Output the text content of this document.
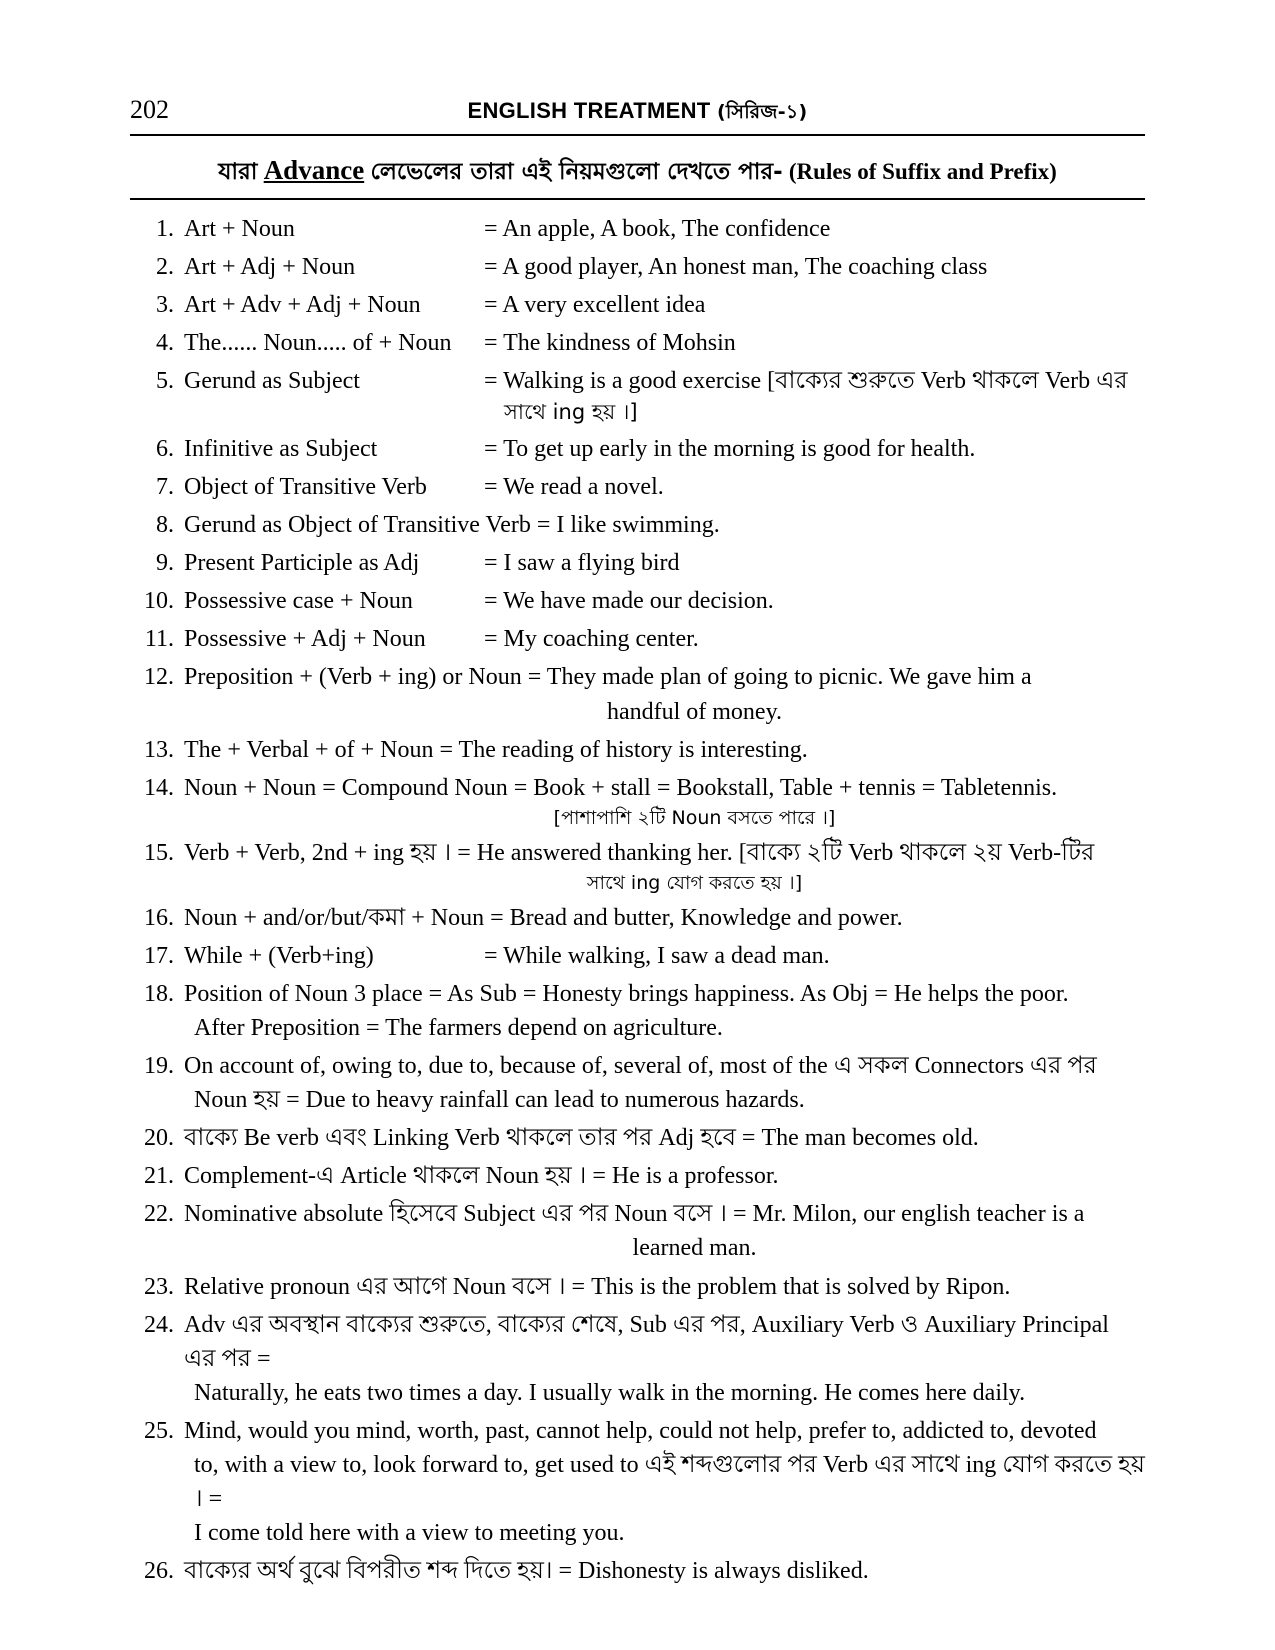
202	ENGLISH TREATMENT (সিরিজ-১)
যারা Advance লেভেলের তারা এই নিয়মগুলো দেখতে পার- (Rules of Suffix and Prefix)
1. Art + Noun	= An apple, A book, The confidence
2. Art + Adj + Noun	= A good player, An honest man, The coaching class
3. Art + Adv + Adj + Noun	= A very excellent idea
4. The...... Noun..... of + Noun = The kindness of Mohsin
5. Gerund as Subject	= Walking is a good exercise [বাক্যের শুরুতে Verb থাকলে Verb এর
সাথে ing হয় ।]
6. Infinitive as Subject	= To get up early in the morning is good for health.
7. Object of Transitive Verb = We read a novel.
8. Gerund as Object of Transitive Verb = I like swimming.
9. Present Participle as Adj	= I saw a flying bird
10. Possessive case + Noun	= We have made our decision.
11. Possessive + Adj + Noun = My coaching center.
12. Preposition + (Verb + ing) or Noun = They made plan of going to picnic. We gave him a
handful of money.
13. The + Verbal + of + Noun = The reading of history is interesting.
14. Noun + Noun = Compound Noun = Book + stall = Bookstall, Table + tennis = Tabletennis.
[পাশাপাশি ২টি Noun বসতে পারে ।]
15. Verb + Verb, 2nd + ing হয় । = He answered thanking her. [বাক্যে ২টি Verb থাকলে ২য় Verb-টির
সাথে ing যোগ করতে হয় ।]
16. Noun + and/or/but/কমা + Noun = Bread and butter, Knowledge and power.
17. While + (Verb+ing)	= While walking, I saw a dead man.
18. Position of Noun 3 place = As Sub = Honesty brings happiness. As Obj = He helps the poor.
After Preposition = The farmers depend on agriculture.
19. On account of, owing to, due to, because of, several of, most of the এ সকল Connectors এর পর
Noun হয় = Due to heavy rainfall can lead to numerous hazards.
20. বাক্যে Be verb এবং Linking Verb থাকলে তার পর Adj হবে = The man becomes old.
21. Complement-এ Article থাকলে Noun হয় । = He is a professor.
22. Nominative absolute হিসেবে Subject এর পর Noun বসে । = Mr. Milon, our english teacher is a
learned man.
23. Relative pronoun এর আগে Noun বসে । = This is the problem that is solved by Ripon.
24. Adv এর অবস্থান বাক্যের শুরুতে, বাক্যের শেষে, Sub এর পর, Auxiliary Verb ও Auxiliary Principal এর পর =
Naturally, he eats two times a day. I usually walk in the morning. He comes here daily.
25. Mind, would you mind, worth, past, cannot help, could not help, prefer to, addicted to, devoted
to, with a view to, look forward to, get used to এই শব্দগুলোর পর Verb এর সাথে ing যোগ করতে হয় । =
I come told here with a view to meeting you.
26. বাক্যের অর্থ বুঝে বিপরীত শব্দ দিতে হয়। = Dishonesty is always disliked.
